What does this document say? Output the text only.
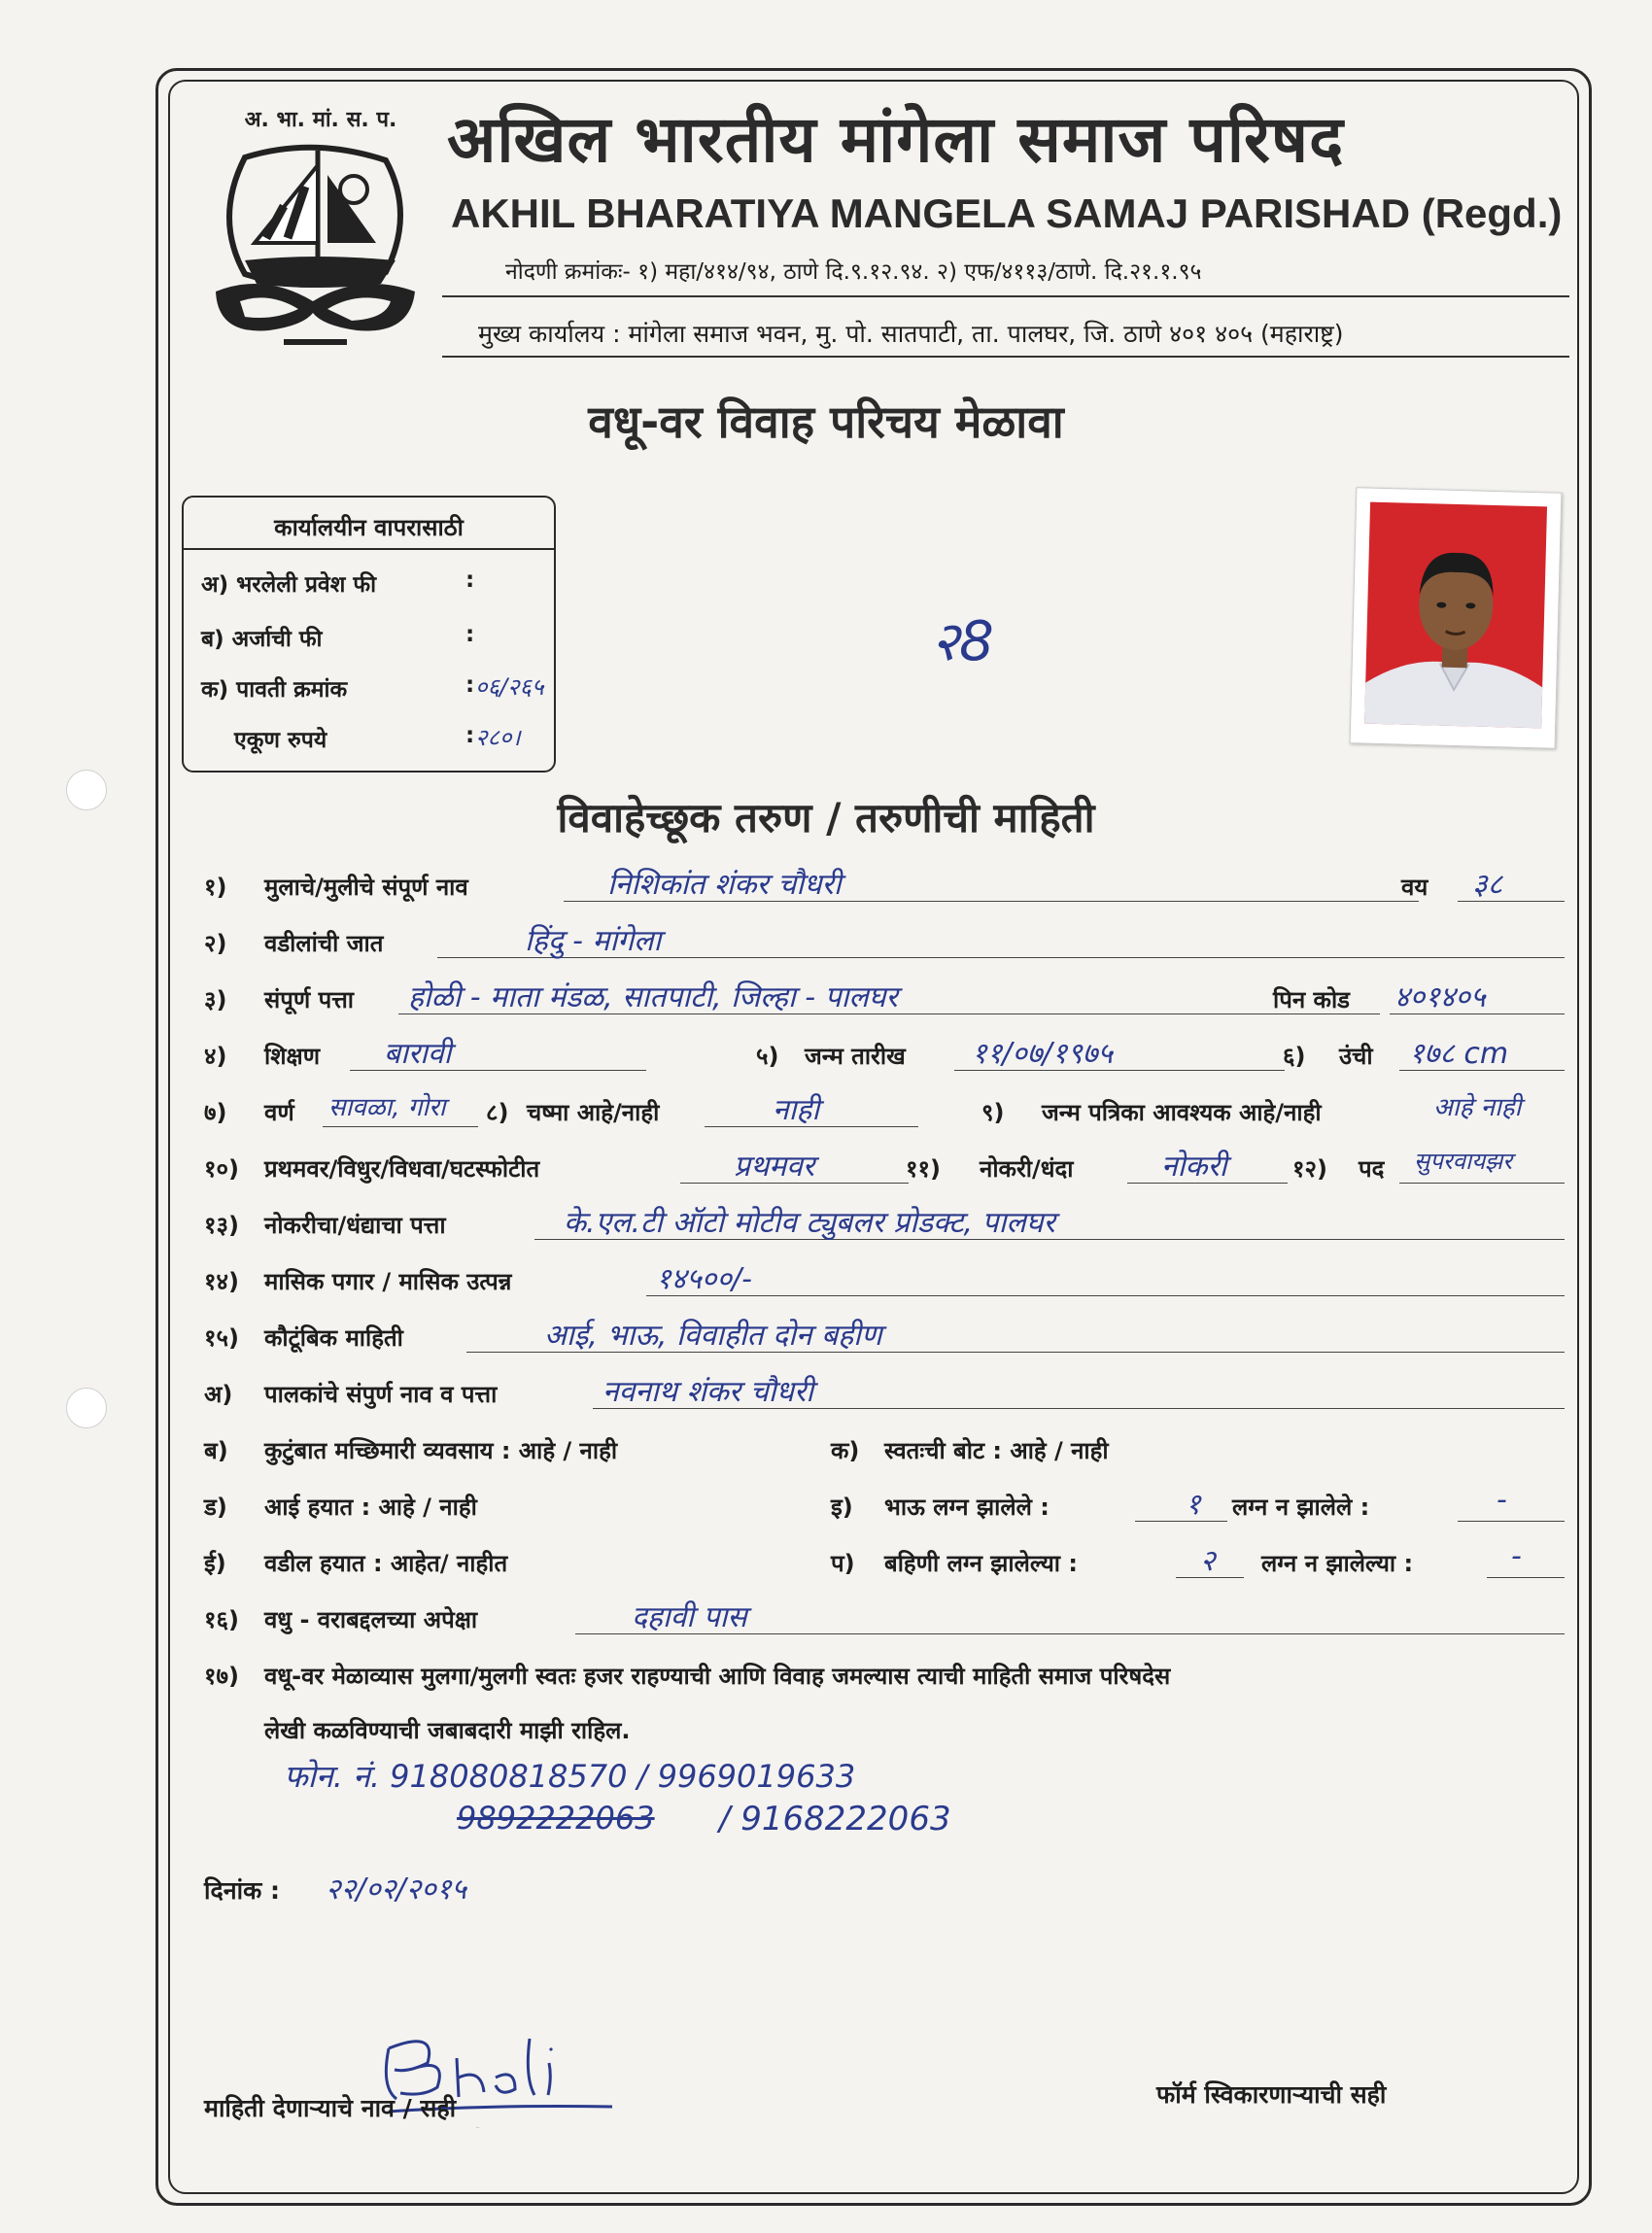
अ. भा. मां. स. प. अखिल भारतीय मांगेला समाज परिषद
AKHIL BHARATIYA MANGELA SAMAJ PARISHAD (Regd.)
नोदणी क्रमांकः- १) महा/४१४/९४, ठाणे दि.९.१२.९४. २) एफ/४११३/ठाणे. दि.२१.१.९५
मुख्य कार्यालय : मांगेला समाज भवन, मु. पो. सातपाटी, ता. पालघर, जि. ठाणे ४०१ ४०५ (महाराष्ट्र)
वधू-वर विवाह परिचय मेळावा
कार्यालयीन वापरासाठी
अ) भरलेली प्रवेश फी	:
ब) अर्जाची फी	:
क) पावती क्रमांक	: ०६/२६५
एकूण रुपये	: २८०।
२8
विवाहेच्छूक तरुण / तरुणीची माहिती
१) मुलाचे/मुलीचे संपूर्ण नाव	निशिकांत शंकर चौधरी	वय ३८
२) वडीलांची जात	हिंदु - मांगेला
३) संपूर्ण पत्ता होळी - माता मंडळ, सातपाटी, जिल्हा - पालघर	पिन कोड ४०१४०५
४) शिक्षण बारावी	५) जन्म तारीख ११/०७/१९७५	६) उंची १७८ cm
७) वर्ण सावळा, गोरा ८) चष्मा आहे/नाही	नाही	९) जन्म पत्रिका आवश्यक आहे/नाही	आहे नाही
१०) प्रथमवर/विधुर/विधवा/घटस्फोटीत	प्रथमवर	११) नोकरी/धंदा	नोकरी	१२) पद सुपरवायझर
१३) नोकरीचा/धंद्याचा पत्ता	के.एल.टी ऑटो मोटीव ट्युबलर प्रोडक्ट, पालघर
१४) मासिक पगार / मासिक उत्पन्न	१४५००/-
१५) कौटूंबिक माहिती	आई, भाऊ, विवाहीत दोन बहीण
अ) पालकांचे संपुर्ण नाव व पत्ता	नवनाथ शंकर चौधरी
ब) कुटुंबात मच्छिमारी व्यवसाय : आहे / नाही	क) स्वतःची बोट : आहे / नाही
ड) आई हयात : आहे / नाही	इ) भाऊ लग्न झालेले :	१ लग्न न झालेले :	-
ई) वडील हयात : आहेत/ नाहीत	प) बहिणी लग्न झालेल्या :	२ लग्न न झालेल्या :	-
१६) वधु - वराबद्दलच्या अपेक्षा	दहावी पास
१७) वधू-वर मेळाव्यास मुलगा/मुलगी स्वतः हजर राहण्याची आणि विवाह जमल्यास त्याची माहिती समाज परिषदेस
लेखी कळविण्याची जबाबदारी माझी राहिल.
फोन. नं. 918080818570 / 9969019633
9892222063 / 9168222063
दिनांक : २२/०२/२०१५
Bhakti
माहिती देणाऱ्याचे नाव / सही	फॉर्म स्विकारणाऱ्याची सही
